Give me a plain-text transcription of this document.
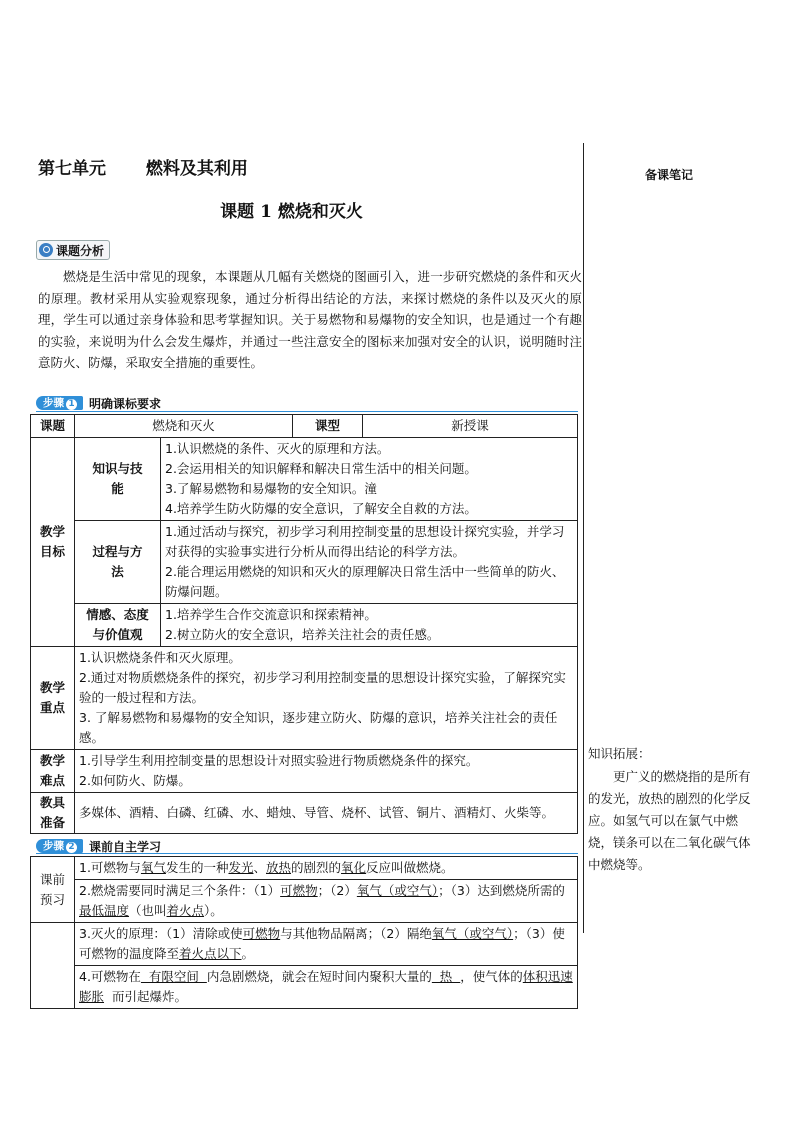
第七单元　　 燃料及其利用
课题 1 燃烧和灭火
备课笔记
课题分析

燃烧是生活中常见的现象，本课题从几幅有关燃烧的图画引入，进一步研究燃烧的条件和灭火的原理。教材采用从实验观察现象，通过分析得出结论的方法，来探讨燃烧的条件以及灭火的原理，学生可以通过亲身体验和思考掌握知识。关于易燃物和易爆物的安全知识，也是通过一个有趣的实验，来说明为什么会发生爆炸，并通过一些注意安全的图标来加强对安全的认识，说明随时注意防火、防爆，采取安全措施的重要性。

步骤 1	明确课标要求
课题	燃烧和灭火		课型	新授课
教学目标	知识与技能	1.认识燃烧的条件、灭火的原理和方法。
2.会运用相关的知识解释和解决日常生活中的相关问题。
3.了解易燃物和易爆物的安全知识。潼
4.培养学生防火防爆的安全意识，了解安全自救的方法。		

	过程与方法	1.通过活动与探究，初步学习利用控制变量的思想设计探究实验，并学习对获得的实验事实进行分析从而得出结论的科学方法。
2.能合理运用燃烧的知识和灭火的原理解决日常生活中一些简单的防火、防爆问题。		

	情感、态度与价值观	1.培养学生合作交流意识和探索精神。
2.树立防火的安全意识，培养关注社会的责任感。		

教学重点	1.认识燃烧条件和灭火原理。
2.通过对物质燃烧条件的探究，初步学习利用控制变量的思想设计探究实验，了解探究实验的一般过程和方法。
3. 了解易燃物和易爆物的安全知识，逐步建立防火、防爆的意识，培养关注社会的责任感。			

教学难点	1.引导学生利用控制变量的思想设计对照实验进行物质燃烧条件的探究。
2.如何防火、防爆。			

教具准备	多媒体、酒精、白磷、红磷、水、蜡烛、导管、烧杯、试管、铜片、酒精灯、火柴等。			
步骤 2	课前自主学习
课前预习	1.可燃物与氧气发生的一种发光、放热的剧烈的氧化反应叫做燃烧。
	2.燃烧需要同时满足三个条件：（1）可燃物；（2）氧气（或空气）；（3）达到燃烧所需的最低温度（也叫着火点）。
	3.灭火的原理：（1）清除或使可燃物与其他物品隔离；（2）隔绝氧气（或空气）；（3）使可燃物的温度降至着火点以下。
	4.可燃物在  有限空间  内急剧燃烧，就会在短时间内聚积大量的  热  ，使气体的体积迅速膨胀  而引起爆炸。
知识拓展：

更广义的燃烧指的是所有的发光，放热的剧烈的化学反应。如氢气可以在氯气中燃烧，镁条可以在二氧化碳气体中燃烧等。
